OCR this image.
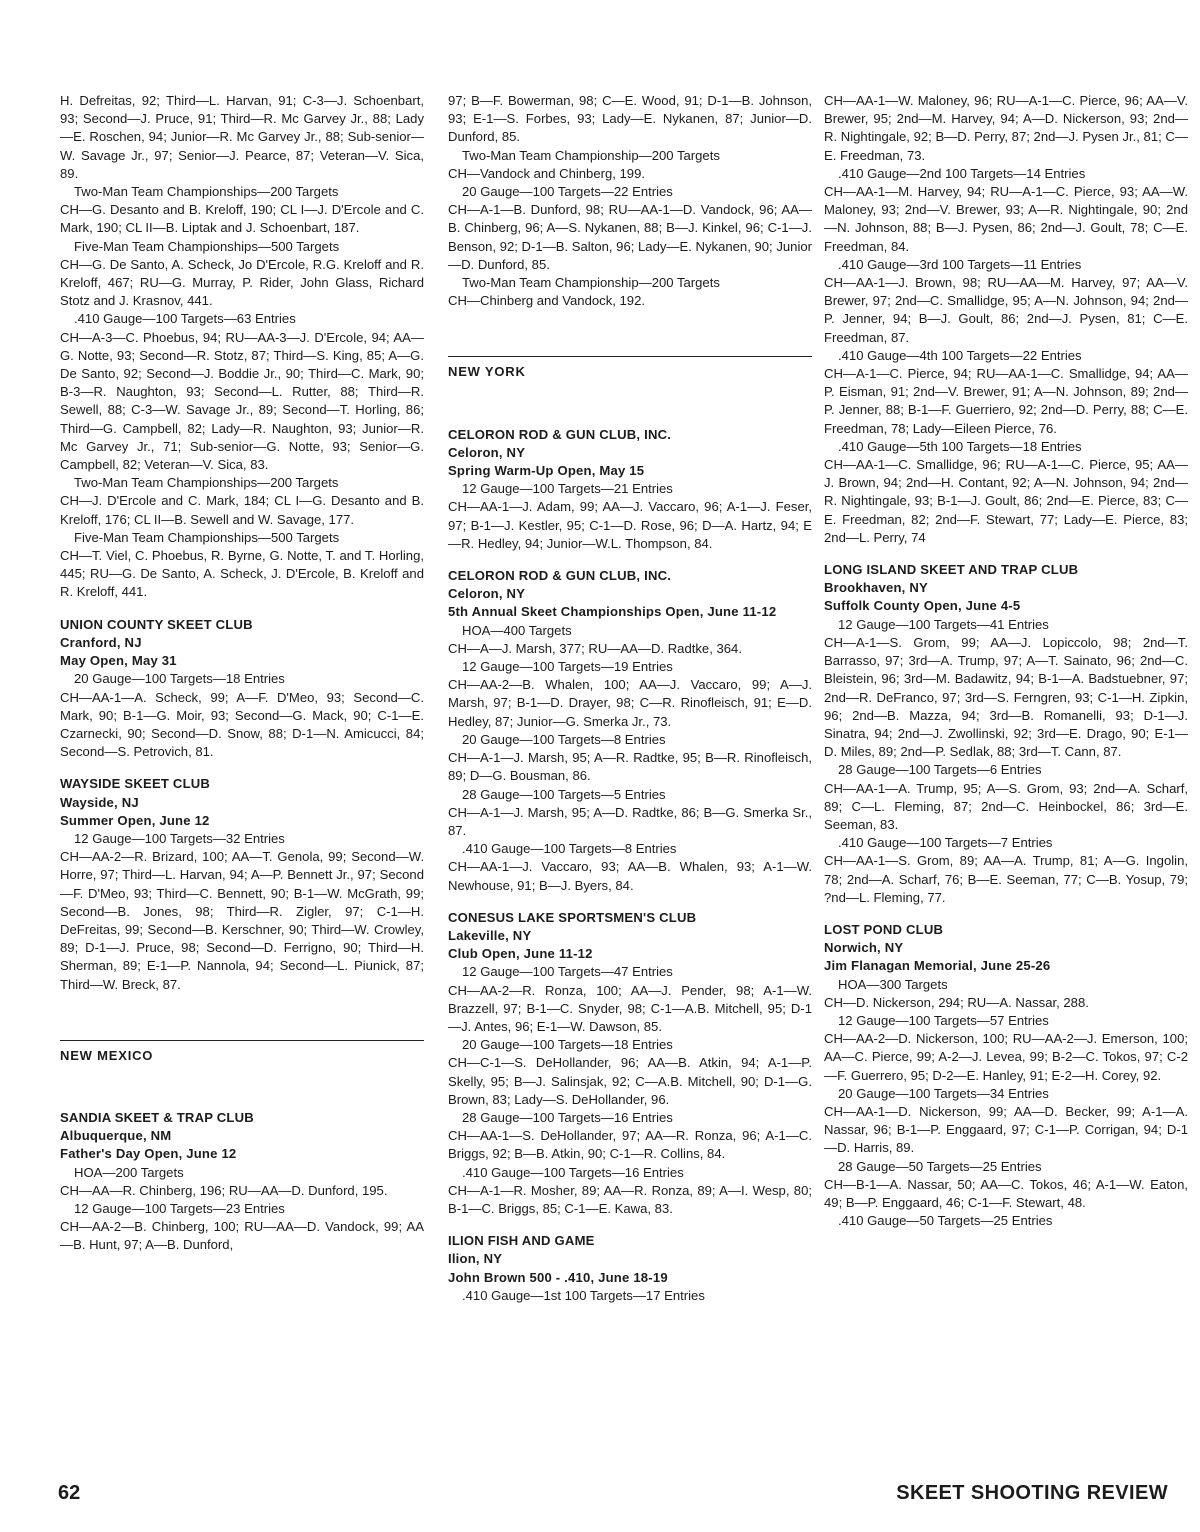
H. Defreitas, 92; Third—L. Harvan, 91; C-3—J. Schoenbart, 93; Second—J. Pruce, 91; Third—R. Mc Garvey Jr., 88; Lady—E. Roschen, 94; Junior—R. Mc Garvey Jr., 88; Sub-senior—W. Savage Jr., 97; Senior—J. Pearce, 87; Veteran—V. Sica, 89.
Two-Man Team Championships—200 Targets
CH—G. Desanto and B. Kreloff, 190; CL I—J. D'Ercole and C. Mark, 190; CL II—B. Liptak and J. Schoenbart, 187.
Five-Man Team Championships—500 Targets
CH—G. De Santo, A. Scheck, Jo D'Ercole, R.G. Kreloff and R. Kreloff, 467; RU—G. Murray, P. Rider, John Glass, Richard Stotz and J. Krasnov, 441.
.410 Gauge—100 Targets—63 Entries
CH—A-3—C. Phoebus, 94; RU—AA-3—J. D'Ercole, 94; AA—G. Notte, 93; Second—R. Stotz, 87; Third—S. King, 85; A—G. De Santo, 92; Second—J. Boddie Jr., 90; Third—C. Mark, 90; B-3—R. Naughton, 93; Second—L. Rutter, 88; Third—R. Sewell, 88; C-3—W. Savage Jr., 89; Second—T. Horling, 86; Third—G. Campbell, 82; Lady—R. Naughton, 93; Junior—R. Mc Garvey Jr., 71; Sub-senior—G. Notte, 93; Senior—G. Campbell, 82; Veteran—V. Sica, 83.
Two-Man Team Championships—200 Targets
CH—J. D'Ercole and C. Mark, 184; CL I—G. Desanto and B. Kreloff, 176; CL II—B. Sewell and W. Savage, 177.
Five-Man Team Championships—500 Targets
CH—T. Viel, C. Phoebus, R. Byrne, G. Notte, T. and T. Horling, 445; RU—G. De Santo, A. Scheck, J. D'Ercole, B. Kreloff and R. Kreloff, 441.
UNION COUNTY SKEET CLUB
Cranford, NJ
May Open, May 31
20 Gauge—100 Targets—18 Entries
CH—AA-1—A. Scheck, 99; A—F. D'Meo, 93; Second—C. Mark, 90; B-1—G. Moir, 93; Second—G. Mack, 90; C-1—E. Czarnecki, 90; Second—D. Snow, 88; D-1—N. Amicucci, 84; Second—S. Petrovich, 81.
WAYSIDE SKEET CLUB
Wayside, NJ
Summer Open, June 12
12 Gauge—100 Targets—32 Entries
CH—AA-2—R. Brizard, 100; AA—T. Genola, 99; Second—W. Horre, 97; Third—L. Harvan, 94; A—P. Bennett Jr., 97; Second—F. D'Meo, 93; Third—C. Bennett, 90; B-1—W. McGrath, 99; Second—B. Jones, 98; Third—R. Zigler, 97; C-1—H. DeFreitas, 99; Second—B. Kerschner, 90; Third—W. Crowley, 89; D-1—J. Pruce, 98; Second—D. Ferrigno, 90; Third—H. Sherman, 89; E-1—P. Nannola, 94; Second—L. Piunick, 87; Third—W. Breck, 87.
NEW MEXICO
SANDIA SKEET & TRAP CLUB
Albuquerque, NM
Father's Day Open, June 12
HOA—200 Targets
CH—AA—R. Chinberg, 196; RU—AA—D. Dunford, 195.
12 Gauge—100 Targets—23 Entries
CH—AA-2—B. Chinberg, 100; RU—AA—D. Vandock, 99; AA—B. Hunt, 97; A—B. Dunford,
97; B—F. Bowerman, 98; C—E. Wood, 91; D-1—B. Johnson, 93; E-1—S. Forbes, 93; Lady—E. Nykanen, 87; Junior—D. Dunford, 85.
Two-Man Team Championship—200 Targets
CH—Vandock and Chinberg, 199.
20 Gauge—100 Targets—22 Entries
CH—A-1—B. Dunford, 98; RU—AA-1—D. Vandock, 96; AA—B. Chinberg, 96; A—S. Nykanen, 88; B—J. Kinkel, 96; C-1—J. Benson, 92; D-1—B. Salton, 96; Lady—E. Nykanen, 90; Junior—D. Dunford, 85.
Two-Man Team Championship—200 Targets
CH—Chinberg and Vandock, 192.
NEW YORK
CELORON ROD & GUN CLUB, INC.
Celoron, NY
Spring Warm-Up Open, May 15
12 Gauge—100 Targets—21 Entries
CH—AA-1—J. Adam, 99; AA—J. Vaccaro, 96; A-1—J. Feser, 97; B-1—J. Kestler, 95; C-1—D. Rose, 96; D—A. Hartz, 94; E—R. Hedley, 94; Junior—W.L. Thompson, 84.
CELORON ROD & GUN CLUB, INC.
Celoron, NY
5th Annual Skeet Championships Open, June 11-12
HOA—400 Targets
CH—A—J. Marsh, 377; RU—AA—D. Radtke, 364.
12 Gauge—100 Targets—19 Entries
CH—AA-2—B. Whalen, 100; AA—J. Vaccaro, 99; A—J. Marsh, 97; B-1—D. Drayer, 98; C—R. Rinofleisch, 91; E—D. Hedley, 87; Junior—G. Smerka Jr., 73.
20 Gauge—100 Targets—8 Entries
CH—A-1—J. Marsh, 95; A—R. Radtke, 95; B—R. Rinofleisch, 89; D—G. Bousman, 86.
28 Gauge—100 Targets—5 Entries
CH—A-1—J. Marsh, 95; A—D. Radtke, 86; B—G. Smerka Sr., 87.
.410 Gauge—100 Targets—8 Entries
CH—AA-1—J. Vaccaro, 93; AA—B. Whalen, 93; A-1—W. Newhouse, 91; B—J. Byers, 84.
CONESUS LAKE SPORTSMEN'S CLUB
Lakeville, NY
Club Open, June 11-12
12 Gauge—100 Targets—47 Entries
CH—AA-2—R. Ronza, 100; AA—J. Pender, 98; A-1—W. Brazzell, 97; B-1—C. Snyder, 98; C-1—A.B. Mitchell, 95; D-1—J. Antes, 96; E-1—W. Dawson, 85.
20 Gauge—100 Targets—18 Entries
CH—C-1—S. DeHollander, 96; AA—B. Atkin, 94; A-1—P. Skelly, 95; B—J. Salinsjak, 92; C—A.B. Mitchell, 90; D-1—G. Brown, 83; Lady—S. DeHollander, 96.
28 Gauge—100 Targets—16 Entries
CH—AA-1—S. DeHollander, 97; AA—R. Ronza, 96; A-1—C. Briggs, 92; B—B. Atkin, 90; C-1—R. Collins, 84.
.410 Gauge—100 Targets—16 Entries
CH—A-1—R. Mosher, 89; AA—R. Ronza, 89; A—I. Wesp, 80; B-1—C. Briggs, 85; C-1—E. Kawa, 83.
ILION FISH AND GAME
Ilion, NY
John Brown 500 - .410, June 18-19
.410 Gauge—1st 100 Targets—17 Entries
CH—AA-1—W. Maloney, 96; RU—A-1—C. Pierce, 96; AA—V. Brewer, 95; 2nd—M. Harvey, 94; A—D. Nickerson, 93; 2nd—R. Nightingale, 92; B—D. Perry, 87; 2nd—J. Pysen Jr., 81; C—E. Freedman, 73.
.410 Gauge—2nd 100 Targets—14 Entries
CH—AA-1—M. Harvey, 94; RU—A-1—C. Pierce, 93; AA—W. Maloney, 93; 2nd—V. Brewer, 93; A—R. Nightingale, 90; 2nd—N. Johnson, 88; B—J. Pysen, 86; 2nd—J. Goult, 78; C—E. Freedman, 84.
.410 Gauge—3rd 100 Targets—11 Entries
CH—AA-1—J. Brown, 98; RU—AA—M. Harvey, 97; AA—V. Brewer, 97; 2nd—C. Smallidge, 95; A—N. Johnson, 94; 2nd—P. Jenner, 94; B—J. Goult, 86; 2nd—J. Pysen, 81; C—E. Freedman, 87.
.410 Gauge—4th 100 Targets—22 Entries
CH—A-1—C. Pierce, 94; RU—AA-1—C. Smallidge, 94; AA—P. Eisman, 91; 2nd—V. Brewer, 91; A—N. Johnson, 89; 2nd—P. Jenner, 88; B-1—F. Guerriero, 92; 2nd—D. Perry, 88; C—E. Freedman, 78; Lady—Eileen Pierce, 76.
.410 Gauge—5th 100 Targets—18 Entries
CH—AA-1—C. Smallidge, 96; RU—A-1—C. Pierce, 95; AA—J. Brown, 94; 2nd—H. Contant, 92; A—N. Johnson, 94; 2nd—R. Nightingale, 93; B-1—J. Goult, 86; 2nd—E. Pierce, 83; C—E. Freedman, 82; 2nd—F. Stewart, 77; Lady—E. Pierce, 83; 2nd—L. Perry, 74
LONG ISLAND SKEET AND TRAP CLUB
Brookhaven, NY
Suffolk County Open, June 4-5
12 Gauge—100 Targets—41 Entries
CH—A-1—S. Grom, 99; AA—J. Lopiccolo, 98; 2nd—T. Barrasso, 97; 3rd—A. Trump, 97; A—T. Sainato, 96; 2nd—C. Bleistein, 96; 3rd—M. Badawitz, 94; B-1—A. Badstuebner, 97; 2nd—R. DeFranco, 97; 3rd—S. Ferngren, 93; C-1—H. Zipkin, 96; 2nd—B. Mazza, 94; 3rd—B. Romanelli, 93; D-1—J. Sinatra, 94; 2nd—J. Zwollinski, 92; 3rd—E. Drago, 90; E-1—D. Miles, 89; 2nd—P. Sedlak, 88; 3rd—T. Cann, 87.
28 Gauge—100 Targets—6 Entries
CH—AA-1—A. Trump, 95; A—S. Grom, 93; 2nd—A. Scharf, 89; C—L. Fleming, 87; 2nd—C. Heinbockel, 86; 3rd—E. Seeman, 83.
.410 Gauge—100 Targets—7 Entries
CH—AA-1—S. Grom, 89; AA—A. Trump, 81; A—G. Ingolin, 78; 2nd—A. Scharf, 76; B—E. Seeman, 77; C—B. Yosup, 79; ?nd—L. Fleming, 77.
LOST POND CLUB
Norwich, NY
Jim Flanagan Memorial, June 25-26
HOA—300 Targets
CH—D. Nickerson, 294; RU—A. Nassar, 288.
12 Gauge—100 Targets—57 Entries
CH—AA-2—D. Nickerson, 100; RU—AA-2—J. Emerson, 100; AA—C. Pierce, 99; A-2—J. Levea, 99; B-2—C. Tokos, 97; C-2—F. Guerrero, 95; D-2—E. Hanley, 91; E-2—H. Corey, 92.
20 Gauge—100 Targets—34 Entries
CH—AA-1—D. Nickerson, 99; AA—D. Becker, 99; A-1—A. Nassar, 96; B-1—P. Enggaard, 97; C-1—P. Corrigan, 94; D-1—D. Harris, 89.
28 Gauge—50 Targets—25 Entries
CH—B-1—A. Nassar, 50; AA—C. Tokos, 46; A-1—W. Eaton, 49; B—P. Enggaard, 46; C-1—F. Stewart, 48.
.410 Gauge—50 Targets—25 Entries
62	SKEET SHOOTING REVIEW
